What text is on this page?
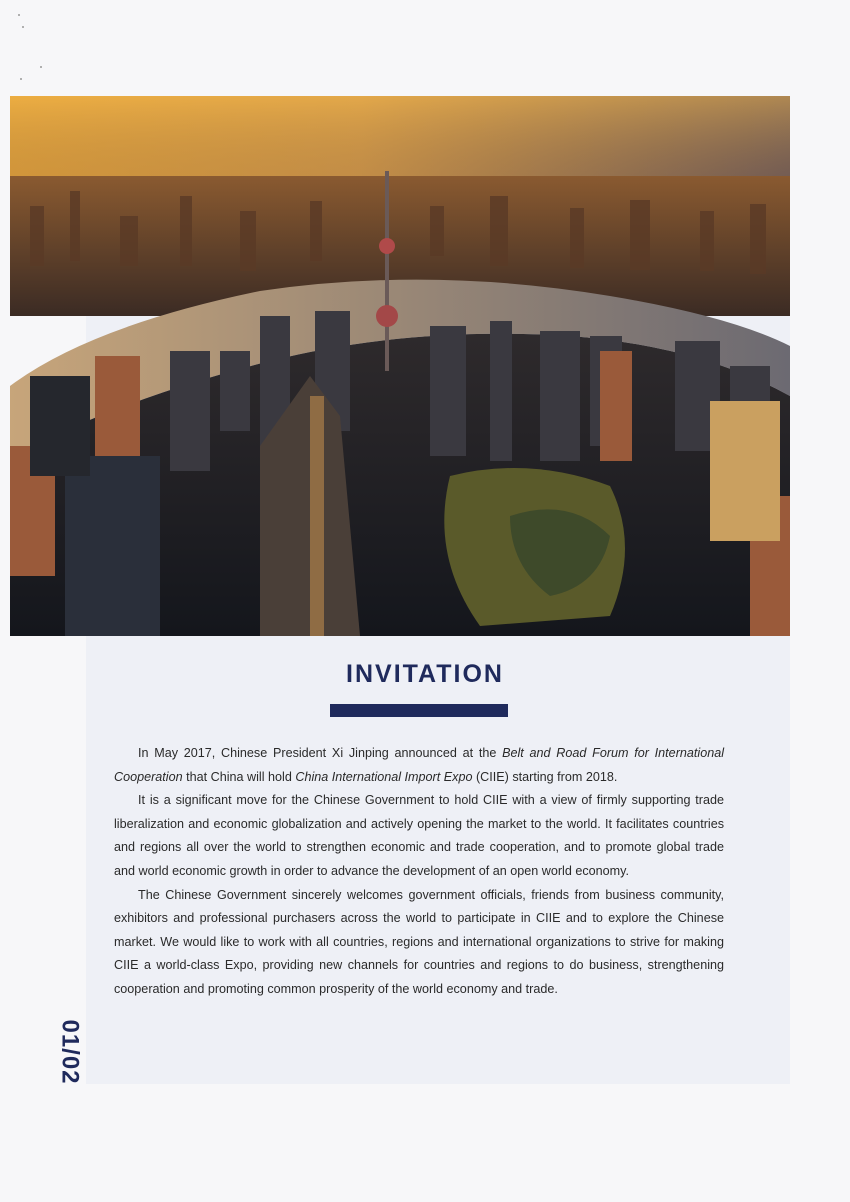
INVITATION

In May 2017, Chinese President Xi Jinping announced at the Belt and Road Forum for International Cooperation that China will hold China International Import Expo (CIIE) starting from 2018.

It is a significant move for the Chinese Government to hold CIIE with a view of firmly supporting trade liberalization and economic globalization and actively opening the market to the world. It facilitates countries and regions all over the world to strengthen economic and trade cooperation, and to promote global trade and world economic growth in order to advance the development of an open world economy.

The Chinese Government sincerely welcomes government officials, friends from business community, exhibitors and professional purchasers across the world to participate in CIIE and to explore the Chinese market. We would like to work with all countries, regions and international organizations to strive for making CIIE a world-class Expo, providing new channels for countries and regions to do business, strengthening cooperation and promoting common prosperity of the world economy and trade.

01/02
